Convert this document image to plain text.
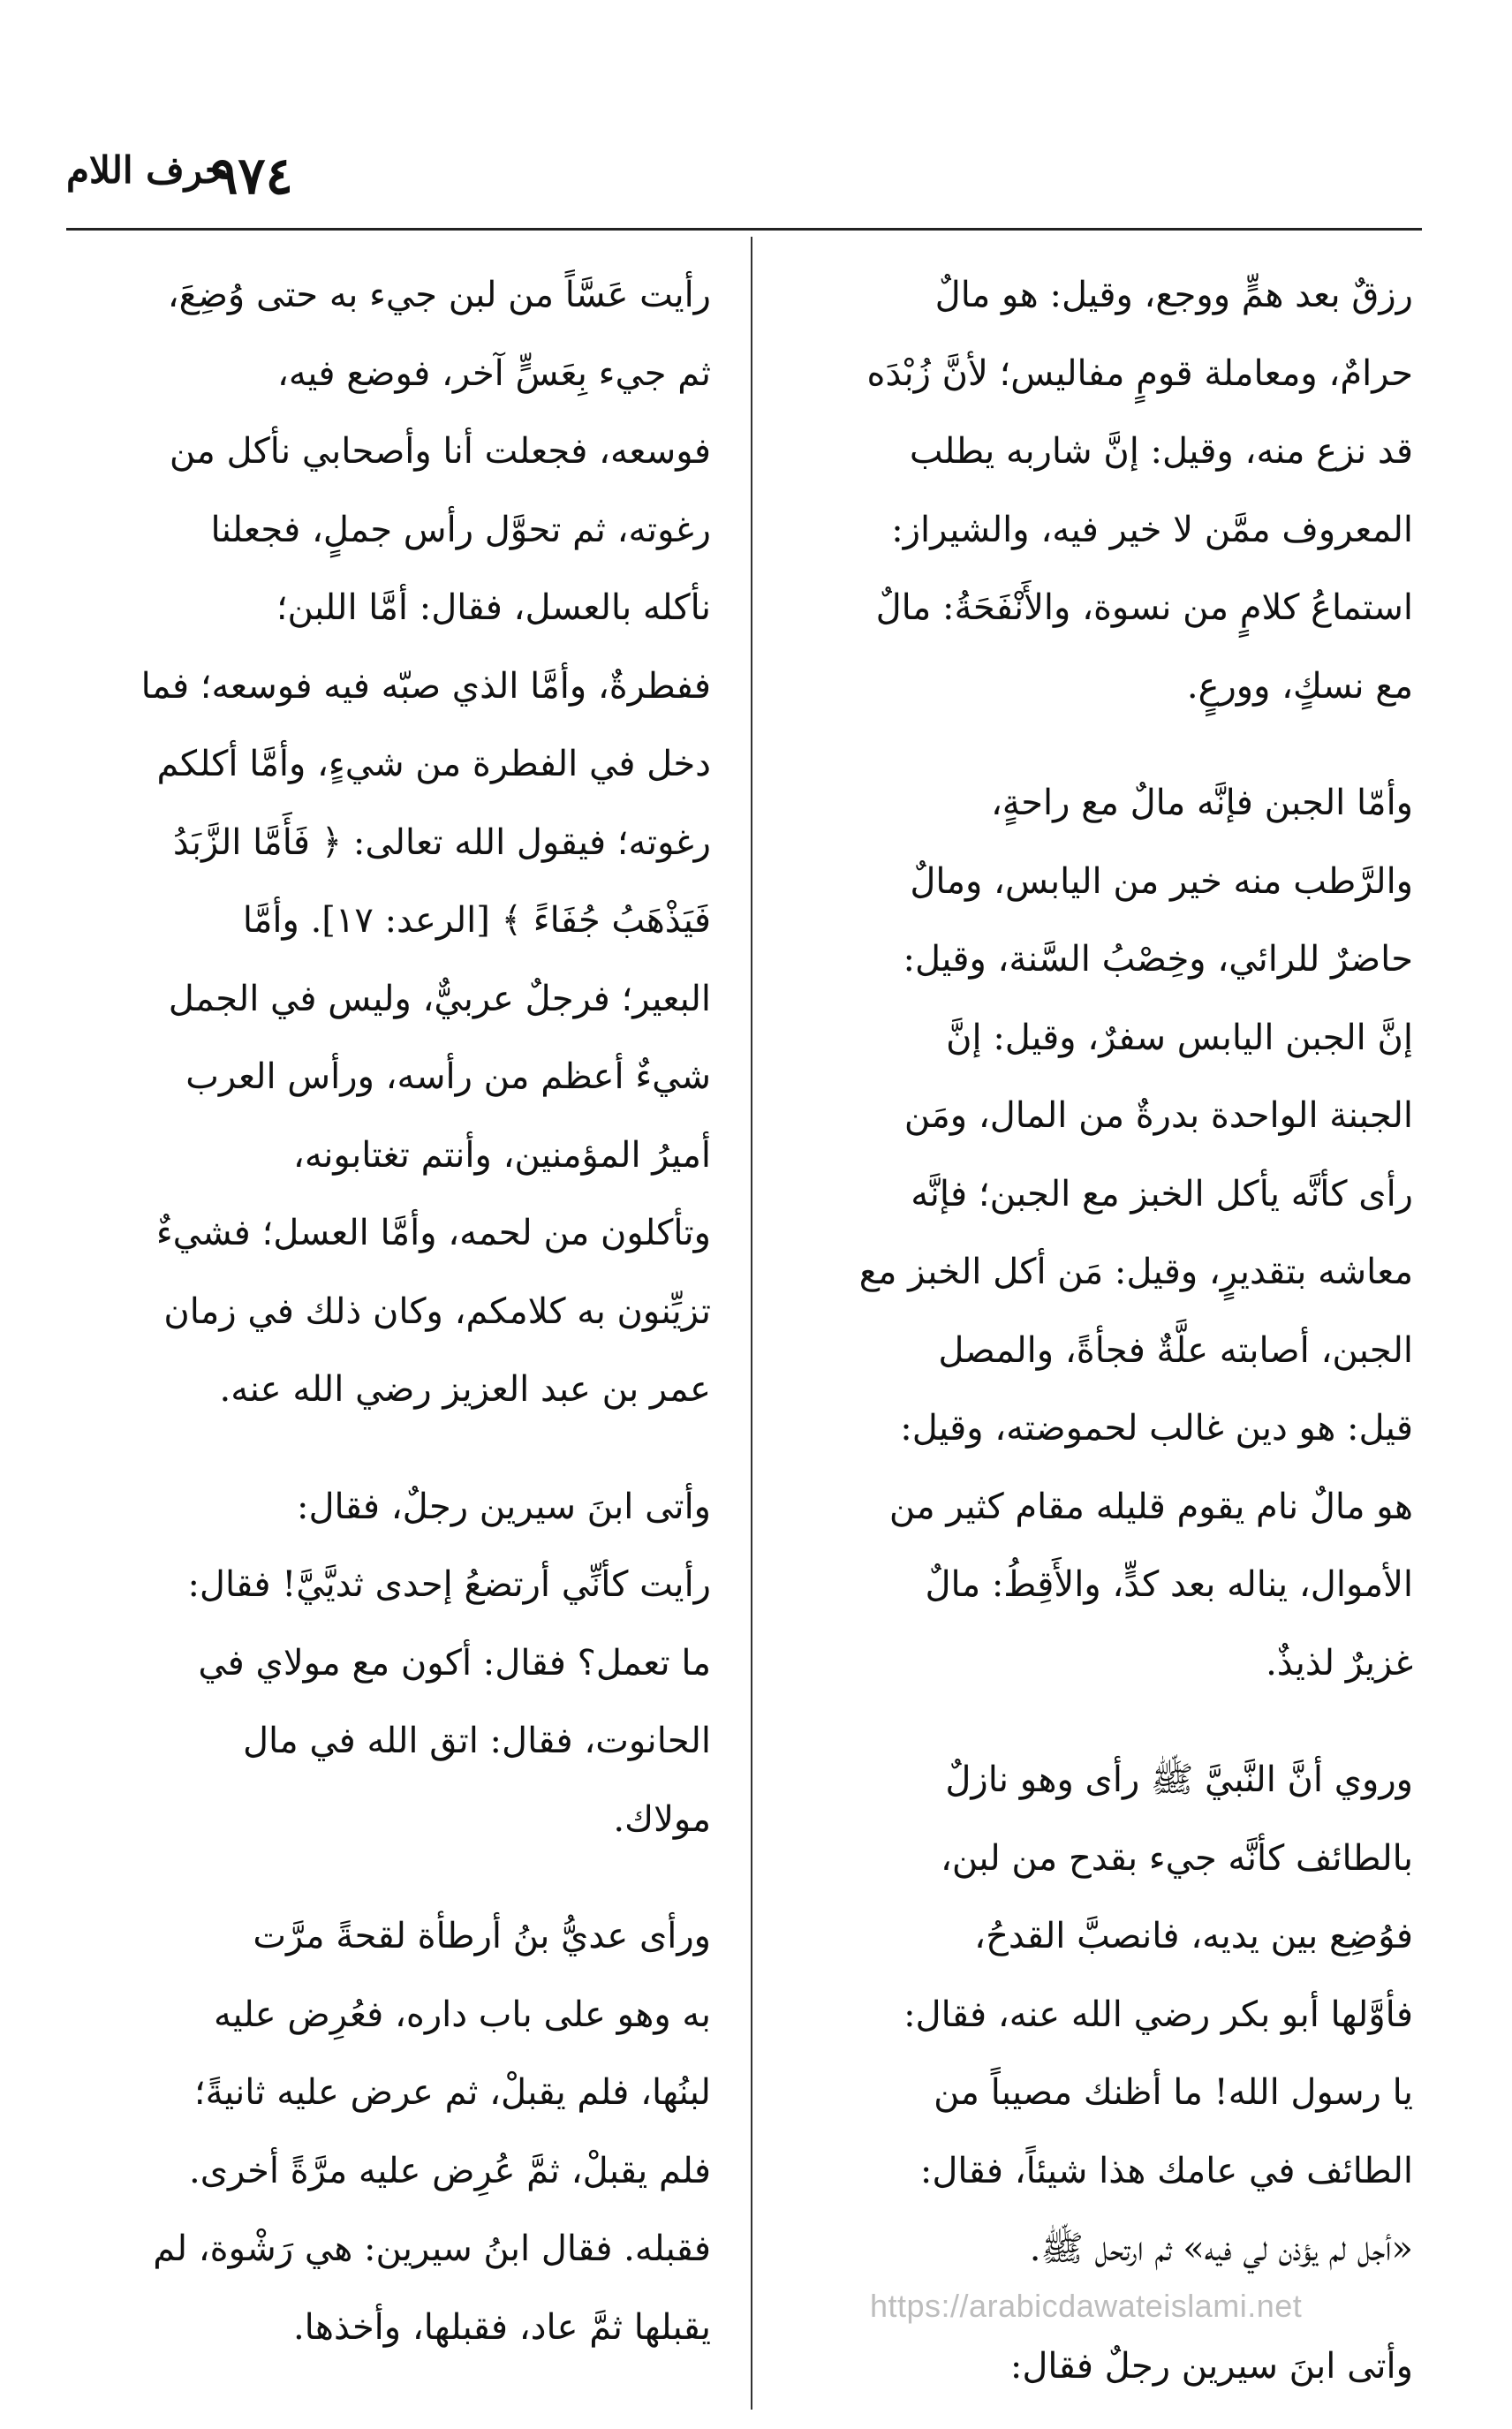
٩٧٤
حرف اللام
رزقٌ بعد همٍّ ووجع، وقيل: هو مالٌ
حرامٌ، ومعاملة قومٍ مفاليس؛ لأنَّ زُبْدَه
قد نزع منه، وقيل: إنَّ شاربه يطلب
المعروف ممَّن لا خير فيه، والشيراز:
استماعُ كلامٍ من نسوة، والأَنْفَحَةُ: مالٌ
مع نسكٍ، وورعٍ.
وأمّا الجبن فإنَّه مالٌ مع راحةٍ،
والرَّطب منه خير من اليابس، ومالٌ
حاضرٌ للرائي، وخِصْبُ السَّنة، وقيل:
إنَّ الجبن اليابس سفرٌ، وقيل: إنَّ
الجبنة الواحدة بدرةٌ من المال، ومَن
رأى كأنَّه يأكل الخبز مع الجبن؛ فإنَّه
معاشه بتقديرٍ، وقيل: مَن أكل الخبز مع
الجبن، أصابته علَّةٌ فجأةً، والمصل
قيل: هو دين غالب لحموضته، وقيل:
هو مالٌ نام يقوم قليله مقام كثير من
الأموال، يناله بعد كدٍّ، والأَقِطُ: مالٌ
غزيرٌ لذيذٌ.
وروي أنَّ النَّبيَّ ﷺ رأى وهو نازلٌ
بالطائف كأنَّه جيء بقدح من لبن،
فوُضِع بين يديه، فانصبَّ القدحُ،
فأوَّلها أبو بكر رضي الله عنه، فقال:
يا رسول الله! ما أظنك مصيباً من
الطائف في عامك هذا شيئاً، فقال:
«أجل لم يؤذن لي فيه» ثم ارتحل ﷺ.
وأتى ابنَ سيرين رجلٌ فقال:
رأيت عَسَّاً من لبن جيء به حتى وُضِعَ،
ثم جيء بِعَسٍّ آخر، فوضع فيه،
فوسعه، فجعلت أنا وأصحابي نأكل من
رغوته، ثم تحوَّل رأس جملٍ، فجعلنا
نأكله بالعسل، فقال: أمَّا اللبن؛
ففطرةٌ، وأمَّا الذي صبّه فيه فوسعه؛ فما
دخل في الفطرة من شيءٍ، وأمَّا أكلكم
رغوته؛ فيقول الله تعالى: ﴿ فَأَمَّا الزَّبَدُ
فَيَذْهَبُ جُفَاءً ﴾ [الرعد: ١٧]. وأمَّا
البعير؛ فرجلٌ عربيٌّ، وليس في الجمل
شيءٌ أعظم من رأسه، ورأس العرب
أميرُ المؤمنين، وأنتم تغتابونه،
وتأكلون من لحمه، وأمَّا العسل؛ فشيءٌ
تزيِّنون به كلامكم، وكان ذلك في زمان
عمر بن عبد العزيز رضي الله عنه.
وأتى ابنَ سيرين رجلٌ، فقال:
رأيت كأنِّي أرتضعُ إحدى ثديَّيَّ! فقال:
ما تعمل؟ فقال: أكون مع مولاي في
الحانوت، فقال: اتق الله في مال
مولاك.
ورأى عديُّ بنُ أرطأة لقحةً مرَّت
به وهو على باب داره، فعُرِض عليه
لبنُها، فلم يقبلْ، ثم عرض عليه ثانيةً؛
فلم يقبلْ، ثمَّ عُرِض عليه مرَّةً أخرى.
فقبله. فقال ابنُ سيرين: هي رَشْوة، لم
يقبلها ثمَّ عاد، فقبلها، وأخذها.
https://arabicdawateislami.net
